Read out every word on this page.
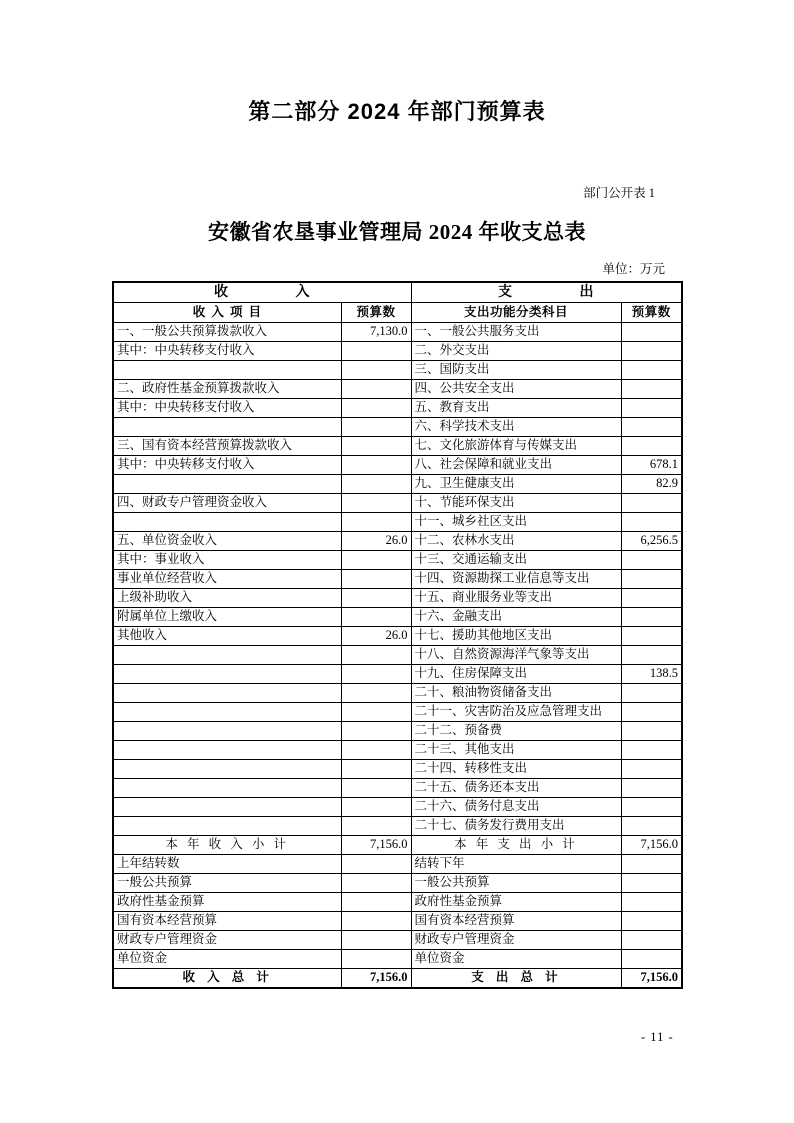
第二部分 2024 年部门预算表
部门公开表 1
安徽省农垦事业管理局 2024 年收支总表
单位：万元
收 入		支 出	
收 入 项 目	预算数	支出功能分类科目	预算数
一、一般公共预算拨款收入	7,130.0	一、一般公共服务支出	
其中：中央转移支付收入		二、外交支出	
		三、国防支出	
二、政府性基金预算拨款收入		四、公共安全支出	
其中：中央转移支付收入		五、教育支出	
		六、科学技术支出	
三、国有资本经营预算拨款收入		七、文化旅游体育与传媒支出	
其中：中央转移支付收入		八、社会保障和就业支出	678.1
		九、卫生健康支出	82.9
四、财政专户管理资金收入		十、节能环保支出	
		十一、城乡社区支出	
五、单位资金收入	26.0	十二、农林水支出	6,256.5
其中：事业收入		十三、交通运输支出	
事业单位经营收入		十四、资源勘探工业信息等支出	
上级补助收入		十五、商业服务业等支出	
附属单位上缴收入		十六、金融支出	
其他收入	26.0	十七、援助其他地区支出	
		十八、自然资源海洋气象等支出	
		十九、住房保障支出	138.5
		二十、粮油物资储备支出	
		二十一、灾害防治及应急管理支出	
		二十二、预备费	
		二十三、其他支出	
		二十四、转移性支出	
		二十五、债务还本支出	
		二十六、债务付息支出	
		二十七、债务发行费用支出	
本 年 收 入 小 计	7,156.0	本 年 支 出 小 计	7,156.0
上年结转数		结转下年	
一般公共预算		一般公共预算	
政府性基金预算		政府性基金预算	
国有资本经营预算		国有资本经营预算	
财政专户管理资金		财政专户管理资金	
单位资金		单位资金	
收 入 总 计	7,156.0	支 出 总 计	7,156.0
- 11 -
